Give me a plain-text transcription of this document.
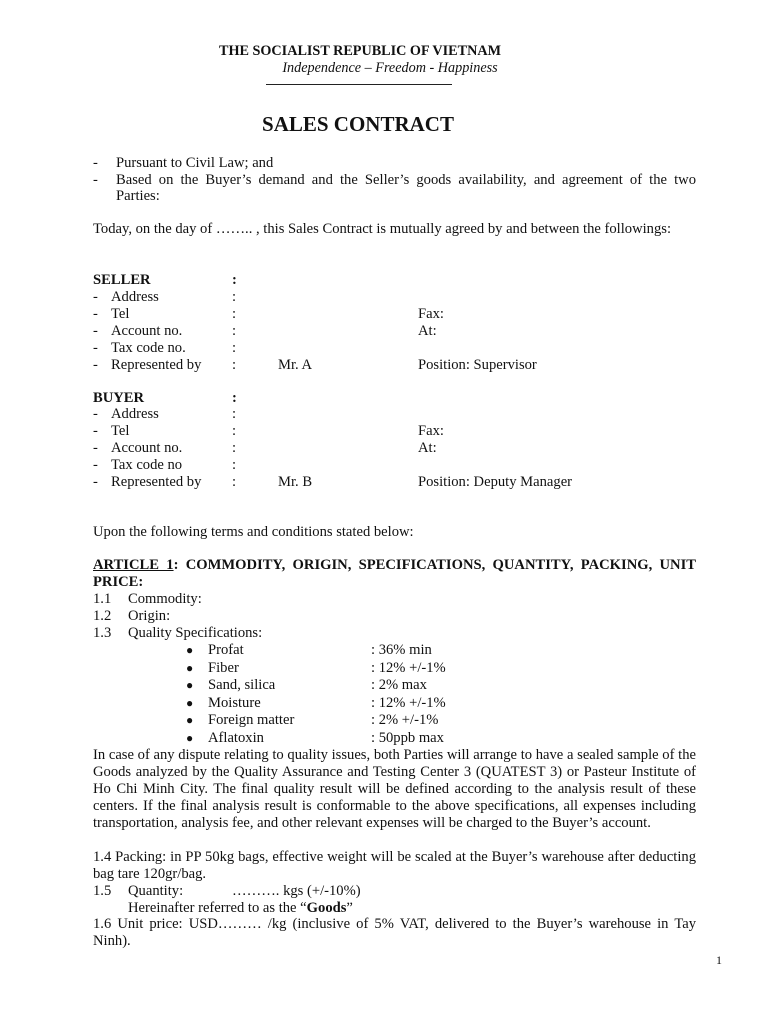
THE SOCIALIST REPUBLIC OF VIETNAM
Independence – Freedom - Happiness
SALES CONTRACT
- Pursuant to Civil Law; and
- Based on the Buyer’s demand and the Seller’s goods availability, and agreement of the two
Parties:
Today, on the day of …….. , this Sales Contract is mutually agreed by and between the followings:
SELLER	:
- Address	:
- Tel	:	Fax:
- Account no.	:	At:
- Tax code no.	:
- Represented by :	Mr. A	Position: Supervisor
BUYER	:
- Address	:
- Tel	:	Fax:
- Account no.	:	At:
- Tax code no	:
- Represented by :	Mr. B	Position: Deputy Manager
Upon the following terms and conditions stated below:
ARTICLE 1: COMMODITY, ORIGIN, SPECIFICATIONS, QUANTITY, PACKING, UNIT PRICE:
1.1 Commodity:
1.2 Origin:
1.3 Quality Specifications:
● Profat	: 36% min
● Fiber	: 12% +/-1%
● Sand, silica	: 2% max
● Moisture	: 12% +/-1%
● Foreign matter	: 2% +/-1%
● Aflatoxin	: 50ppb max
In case of any dispute relating to quality issues, both Parties will arrange to have a sealed sample of the Goods analyzed by the Quality Assurance and Testing Center 3 (QUATEST 3) or Pasteur Institute of Ho Chi Minh City. The final quality result will be defined according to the analysis result of these centers. If the final analysis result is conformable to the above specifications, all expenses including transportation, analysis fee, and other relevant expenses will be charged to the Buyer’s account.
1.4 Packing: in PP 50kg bags, effective weight will be scaled at the Buyer’s warehouse after deducting bag tare 120gr/bag.
1.5 Quantity:	………. kgs (+/-10%)
Hereinafter referred to as the “Goods”
1.6 Unit price: USD……… /kg (inclusive of 5% VAT, delivered to the Buyer’s warehouse in Tay Ninh).
1
